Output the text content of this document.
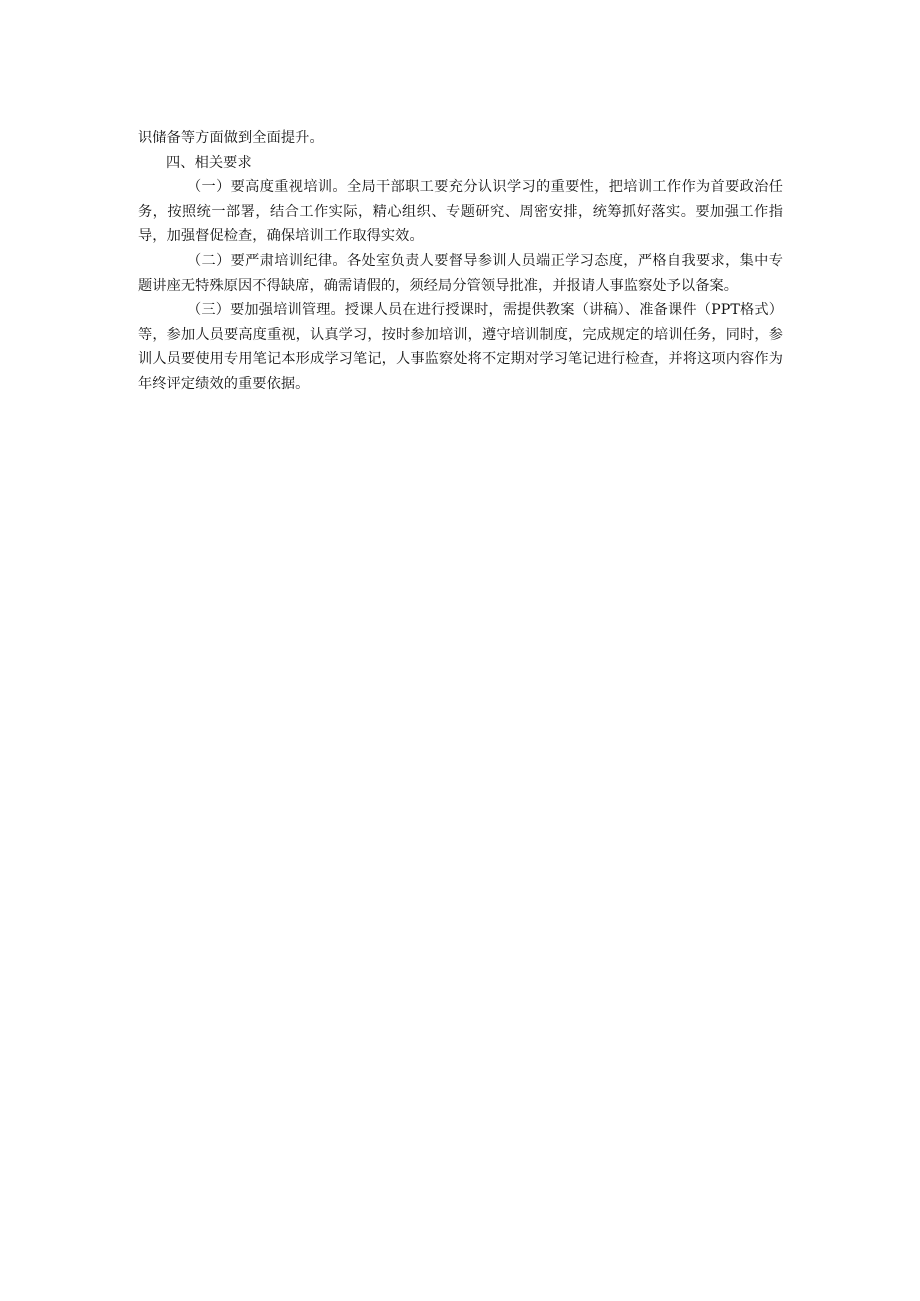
识储备等方面做到全面提升。

四、相关要求

（一）要高度重视培训。全局干部职工要充分认识学习的重要性，把培训工作作为首要政治任务，按照统一部署，结合工作实际，精心组织、专题研究、周密安排，统筹抓好落实。要加强工作指导，加强督促检查，确保培训工作取得实效。

（二）要严肃培训纪律。各处室负责人要督导参训人员端正学习态度，严格自我要求，集中专题讲座无特殊原因不得缺席，确需请假的，须经局分管领导批准，并报请人事监察处予以备案。

（三）要加强培训管理。授课人员在进行授课时，需提供教案（讲稿）、准备课件（PPT格式）等，参加人员要高度重视，认真学习，按时参加培训，遵守培训制度，完成规定的培训任务，同时，参训人员要使用专用笔记本形成学习笔记，人事监察处将不定期对学习笔记进行检查，并将这项内容作为年终评定绩效的重要依据。
